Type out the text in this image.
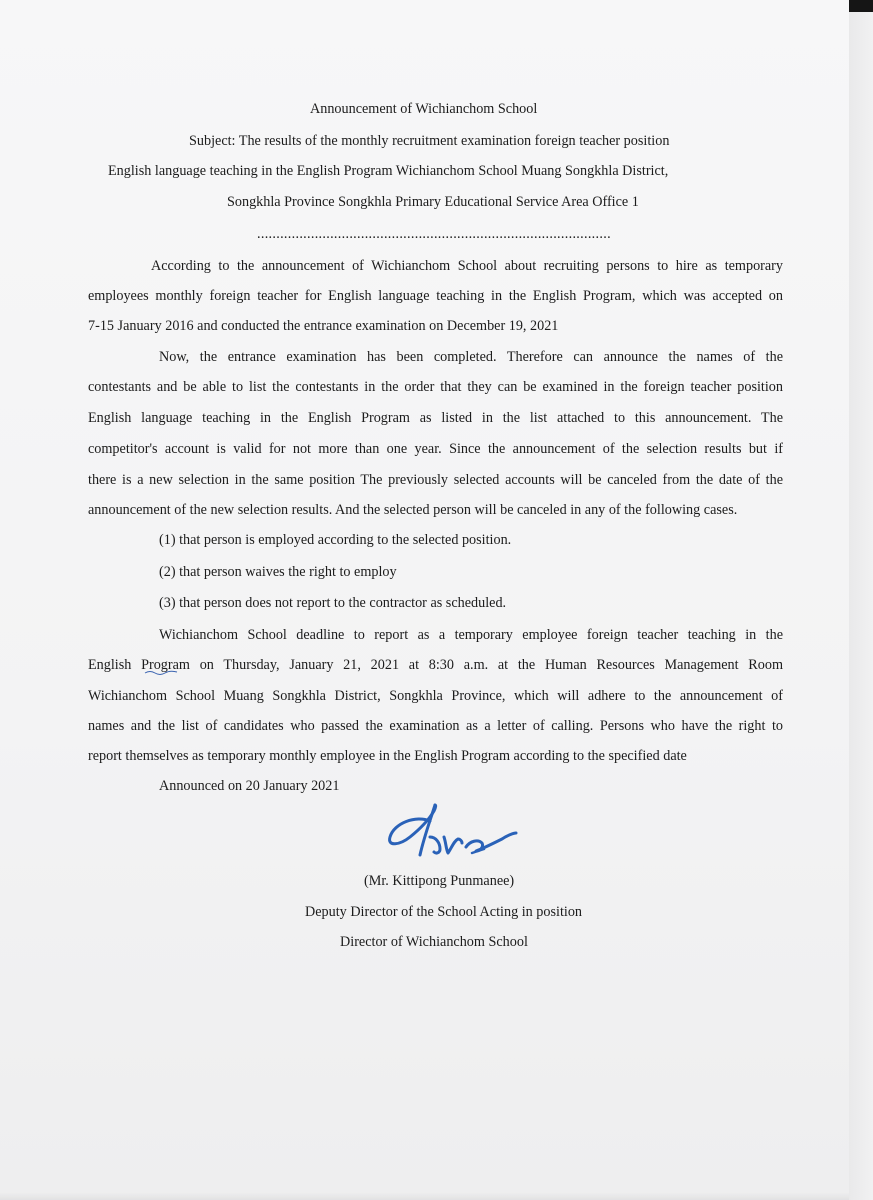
Announcement of Wichianchom School
Subject: The results of the monthly recruitment examination foreign teacher position
English language teaching in the English Program Wichianchom School Muang Songkhla District,
Songkhla Province Songkhla Primary Educational Service Area Office 1
............................................................................................
According to the announcement of Wichianchom School about recruiting persons to hire as temporary
employees monthly foreign teacher for English language teaching in the English Program, which was accepted on
7-15 January 2016 and conducted the entrance examination on December 19, 2021
Now, the entrance examination has been completed. Therefore can announce the names of the
contestants and be able to list the contestants in the order that they can be examined in the foreign teacher position
English language teaching in the English Program as listed in the list attached to this announcement. The
competitor's account is valid for not more than one year. Since the announcement of the selection results but if
there is a new selection in the same position The previously selected accounts will be canceled from the date of the
announcement of the new selection results. And the selected person will be canceled in any of the following cases.
(1) that person is employed according to the selected position.
(2) that person waives the right to employ
(3) that person does not report to the contractor as scheduled.
Wichianchom School deadline to report as a temporary employee foreign teacher teaching in the
English Program on Thursday, January 21, 2021 at 8:30 a.m. at the Human Resources Management Room
Wichianchom School Muang Songkhla District, Songkhla Province, which will adhere to the announcement of
names and the list of candidates who passed the examination as a letter of calling. Persons who have the right to
report themselves as temporary monthly employee in the English Program according to the specified date
Announced on 20 January 2021
(Mr. Kittipong Punmanee)
Deputy Director of the School Acting in position
Director of Wichianchom School
